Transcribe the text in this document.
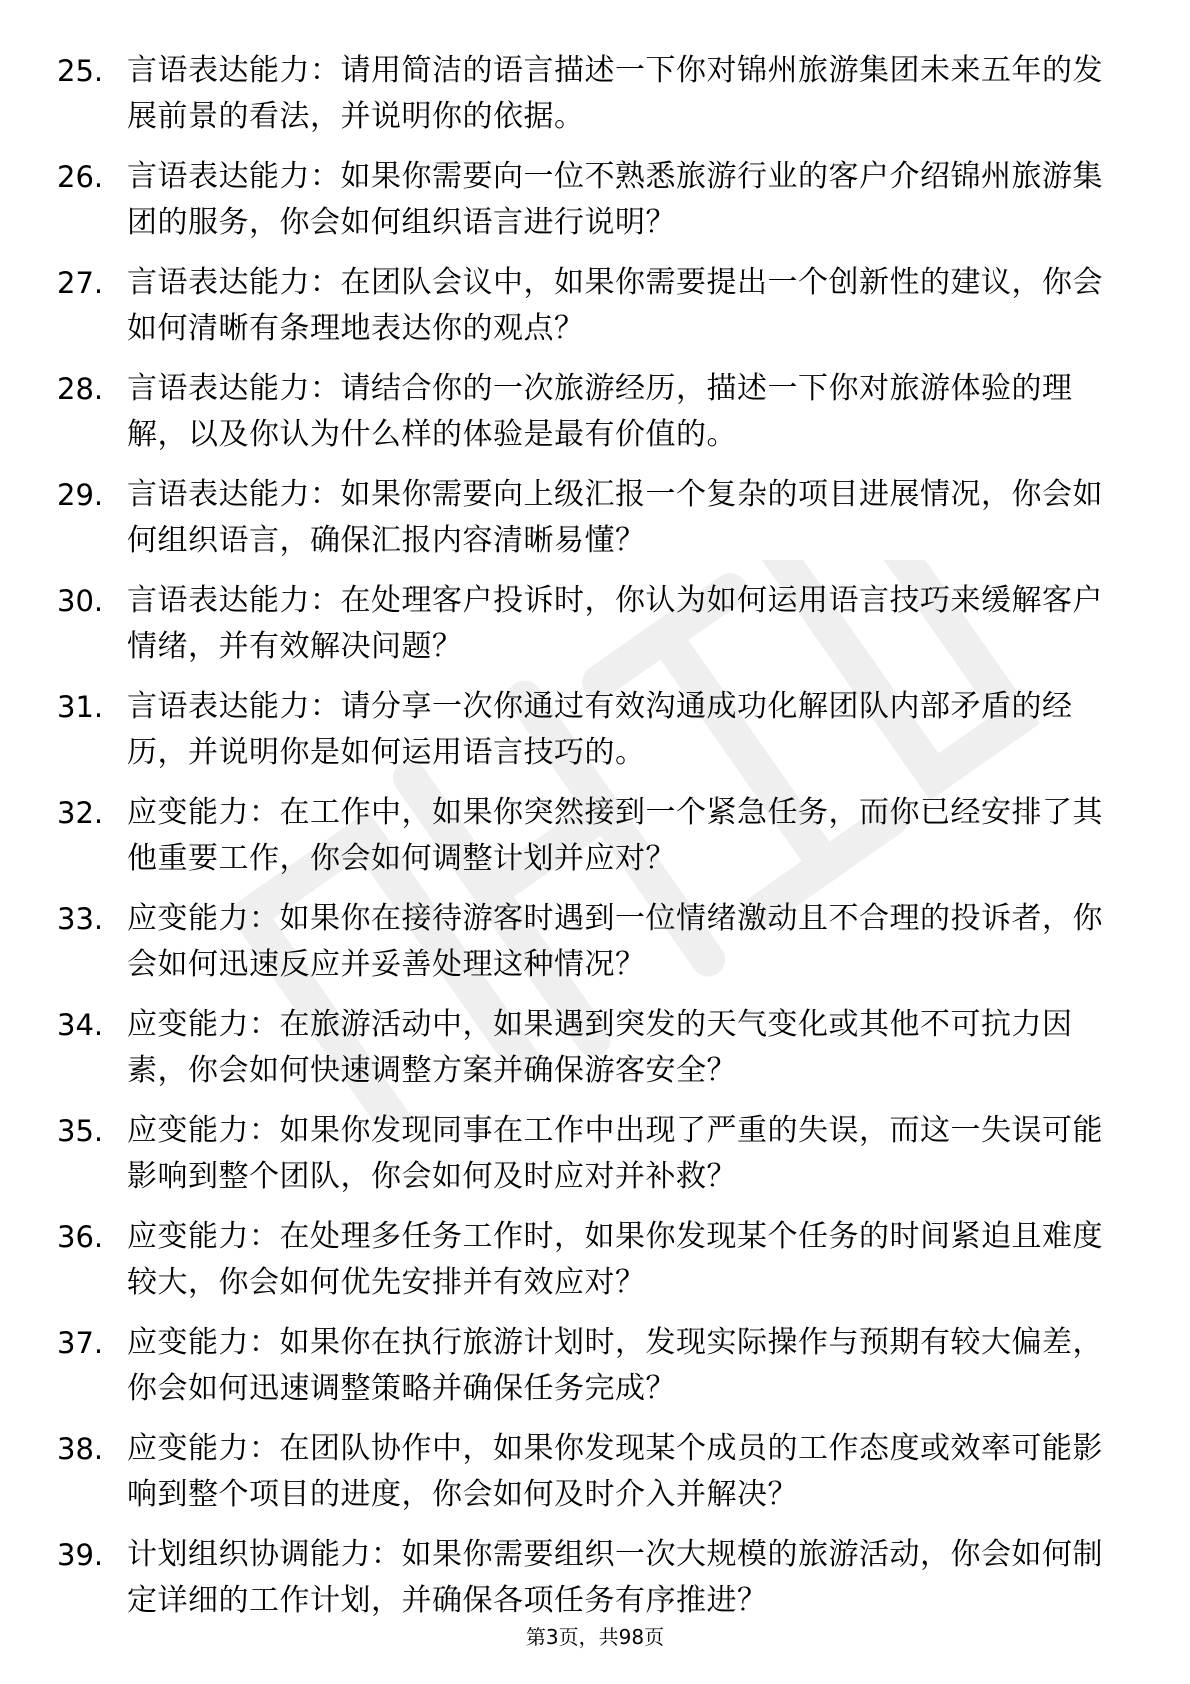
25. 言语表达能力：请用简洁的语言描述一下你对锦州旅游集团未来五年的发展前景的看法，并说明你的依据。
26. 言语表达能力：如果你需要向一位不熟悉旅游行业的客户介绍锦州旅游集团的服务，你会如何组织语言进行说明？
27. 言语表达能力：在团队会议中，如果你需要提出一个创新性的建议，你会如何清晰有条理地表达你的观点？
28. 言语表达能力：请结合你的一次旅游经历，描述一下你对旅游体验的理解，以及你认为什么样的体验是最有价值的。
29. 言语表达能力：如果你需要向上级汇报一个复杂的项目进展情况，你会如何组织语言，确保汇报内容清晰易懂？
30. 言语表达能力：在处理客户投诉时，你认为如何运用语言技巧来缓解客户情绪，并有效解决问题？
31. 言语表达能力：请分享一次你通过有效沟通成功化解团队内部矛盾的经历，并说明你是如何运用语言技巧的。
32. 应变能力：在工作中，如果你突然接到一个紧急任务，而你已经安排了其他重要工作，你会如何调整计划并应对？
33. 应变能力：如果你在接待游客时遇到一位情绪激动且不合理的投诉者，你会如何迅速反应并妥善处理这种情况？
34. 应变能力：在旅游活动中，如果遇到突发的天气变化或其他不可抗力因素，你会如何快速调整方案并确保游客安全？
35. 应变能力：如果你发现同事在工作中出现了严重的失误，而这一失误可能影响到整个团队，你会如何及时应对并补救？
36. 应变能力：在处理多任务工作时，如果你发现某个任务的时间紧迫且难度较大，你会如何优先安排并有效应对？
37. 应变能力：如果你在执行旅游计划时，发现实际操作与预期有较大偏差，你会如何迅速调整策略并确保任务完成？
38. 应变能力：在团队协作中，如果你发现某个成员的工作态度或效率可能影响到整个项目的进度，你会如何及时介入并解决？
39. 计划组织协调能力：如果你需要组织一次大规模的旅游活动，你会如何制定详细的工作计划，并确保各项任务有序推进？
第3页，共98页
